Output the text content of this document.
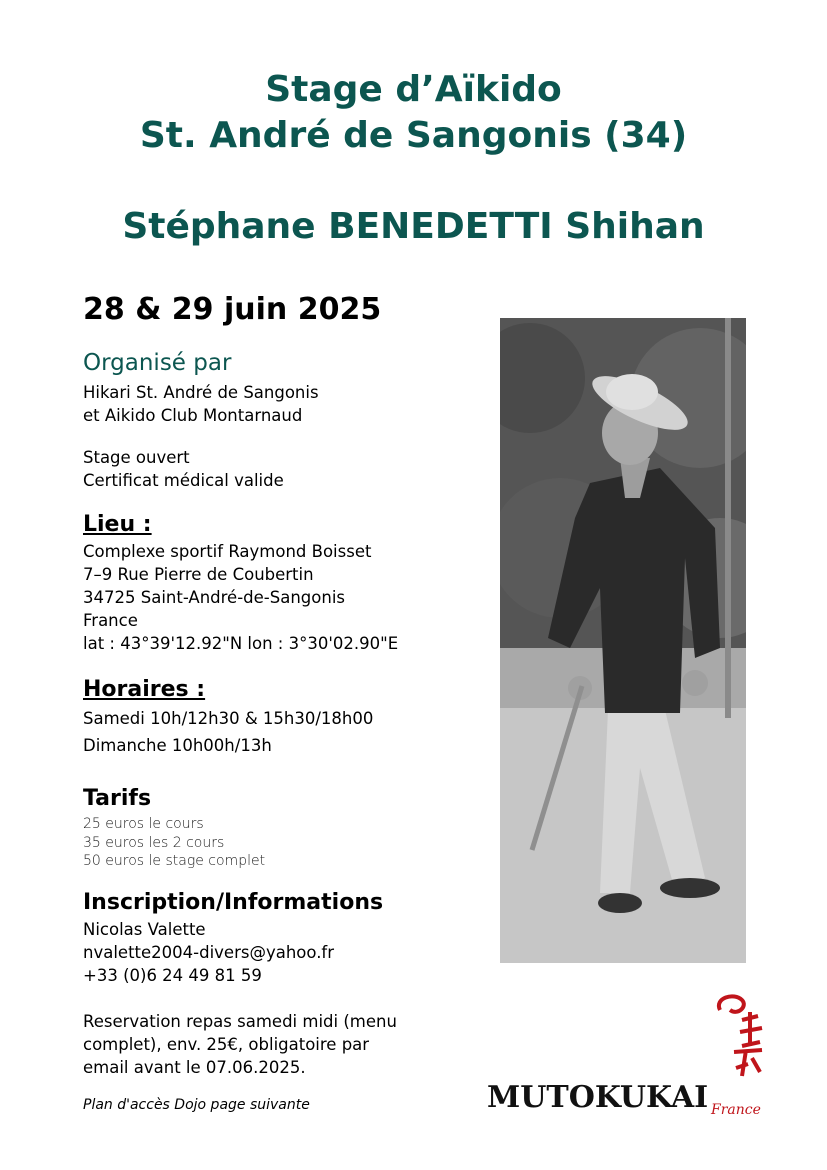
Stage d’Aïkido
St. André de Sangonis (34)
Stéphane BENEDETTI Shihan

28 & 29 juin 2025

Organisé par

Hikari St. André de Sangonis

et Aikido Club Montarnaud

Stage ouvert

Certificat médical valide

Lieu :

Complexe sportif Raymond Boisset

7–9 Rue Pierre de Coubertin

34725 Saint-André-de-Sangonis

France

lat : 43°39'12.92"N lon : 3°30'02.90"E

Horaires :

Samedi 10h/12h30 & 15h30/18h00

Dimanche 10h00h/13h

Tarifs

25 euros le cours
35 euros les 2 cours
50 euros le stage complet

Inscription/Informations

Nicolas Valette

nvalette2004-divers@yahoo.fr

+33 (0)6 24 49 81 59

Reservation repas samedi midi (menu

complet), env. 25€, obligatoire par

email avant le 07.06.2025.

Plan d'accès Dojo page suivante	MUTOKUKAI France
